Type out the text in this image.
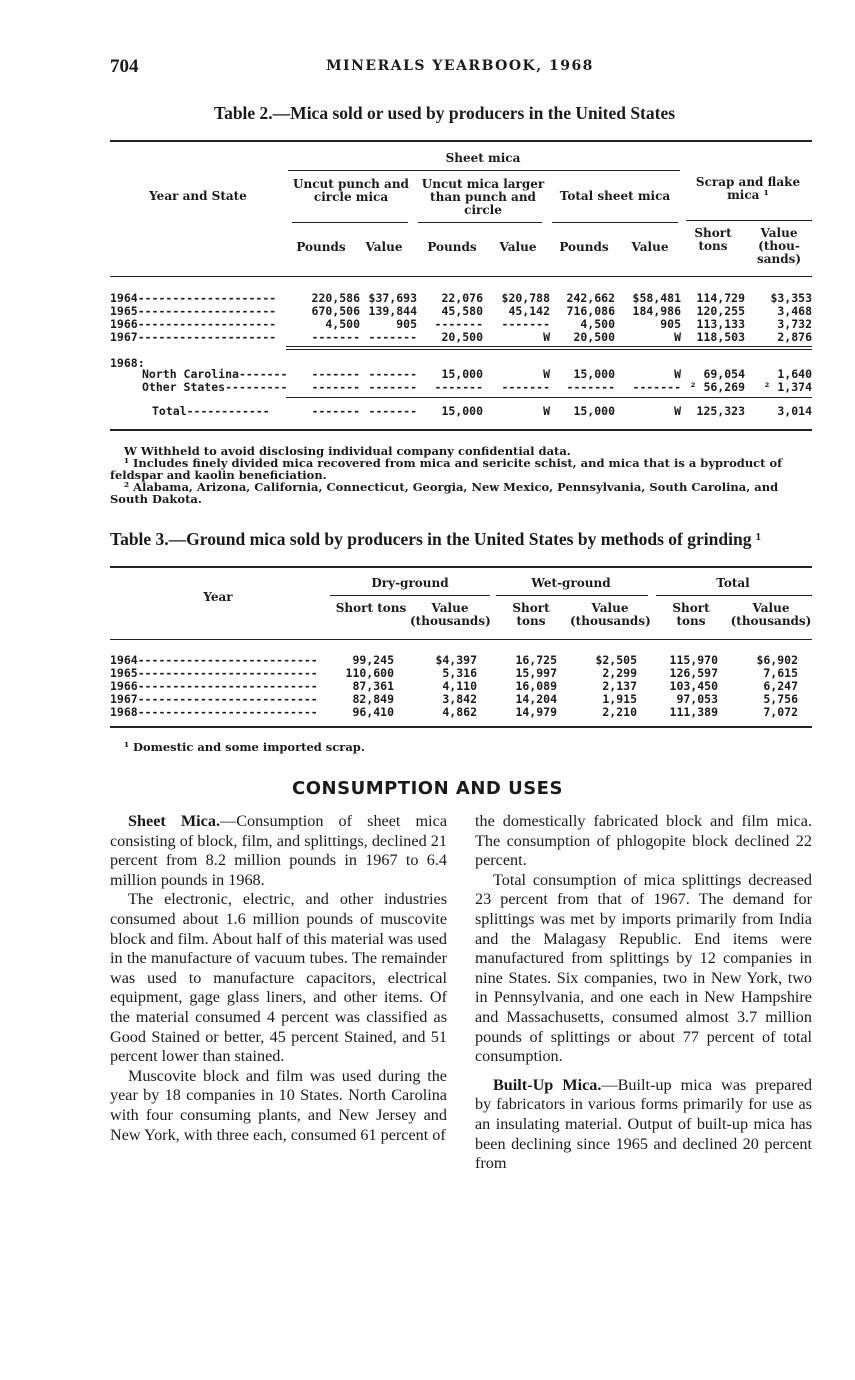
704	MINERALS YEARBOOK, 1968
Table 2.—Mica sold or used by producers in the United States
Year and State
Sheet mica
Uncut punch and circle mica
Uncut mica larger than punch and circle
Total sheet mica
Scrap and flake mica ¹
Pounds	Value	Pounds	Value	Pounds	Value
Short tons
Value (thou-sands)
1964--------------------	220,586 $37,693 22,076 $20,788 242,662 $58,481 114,729 $3,353
1965--------------------	670,506 139,844 45,580 45,142 716,086 184,986 120,255	3,468
1966--------------------	4,500	905 ------- -------	4,500	905 113,133	3,732
1967--------------------	------- ------- 20,500	W 20,500	W 118,503	2,876
1968:
North Carolina------- ------- ------- 15,000	W 15,000	W 69,054	1,640
Other States--------- ------- ------- ------- ------- ------- ------- ² 56,269 ² 1,374
Total------------	------- ------- 15,000	W 15,000	W 125,323	3,014
W Withheld to avoid disclosing individual company confidential data.
¹ Includes finely divided mica recovered from mica and sericite schist, and mica that is a byproduct of feldspar and kaolin beneficiation.
² Alabama, Arizona, California, Connecticut, Georgia, New Mexico, Pennsylvania, South Carolina, and South Dakota.
Table 3.—Ground mica sold by producers in the United States by methods of grinding ¹
Year
Dry-ground	Wet-ground	Total
Short tons	Value (thousands)
Short tons
Value (thousands)
Short tons
Value (thousands)
1964--------------------------	99,245	$4,397	16,725	$2,505	115,970	$6,902
1965-------------------------- 110,600	5,316	15,997	2,299	126,597	7,615
1966--------------------------	87,361	4,110	16,089	2,137	103,450	6,247
1967--------------------------	82,849	3,842	14,204	1,915	97,053	5,756
1968--------------------------	96,410	4,862	14,979	2,210	111,389	7,072
¹ Domestic and some imported scrap.
CONSUMPTION AND USES

Sheet Mica.—Consumption of sheet mica consisting of block, film, and splittings, declined 21 percent from 8.2 million pounds in 1967 to 6.4 million pounds in 1968.

The electronic, electric, and other industries consumed about 1.6 million pounds of muscovite block and film. About half of this material was used in the manufacture of vacuum tubes. The remainder was used to manufacture capacitors, electrical equipment, gage glass liners, and other items. Of the material consumed 4 percent was classified as Good Stained or better, 45 percent Stained, and 51 percent lower than stained.

Muscovite block and film was used during the year by 18 companies in 10 States. North Carolina with four consuming plants, and New Jersey and New York, with three each, consumed 61 percent of

the domestically fabricated block and film mica. The consumption of phlogopite block declined 22 percent.

Total consumption of mica splittings decreased 23 percent from that of 1967. The demand for splittings was met by imports primarily from India and the Malagasy Republic. End items were manufactured from splittings by 12 companies in nine States. Six companies, two in New York, two in Pennsylvania, and one each in New Hampshire and Massachusetts, consumed almost 3.7 million pounds of splittings or about 77 percent of total consumption.

Built-Up Mica.—Built-up mica was prepared by fabricators in various forms primarily for use as an insulating material. Output of built-up mica has been declining since 1965 and declined 20 percent from
